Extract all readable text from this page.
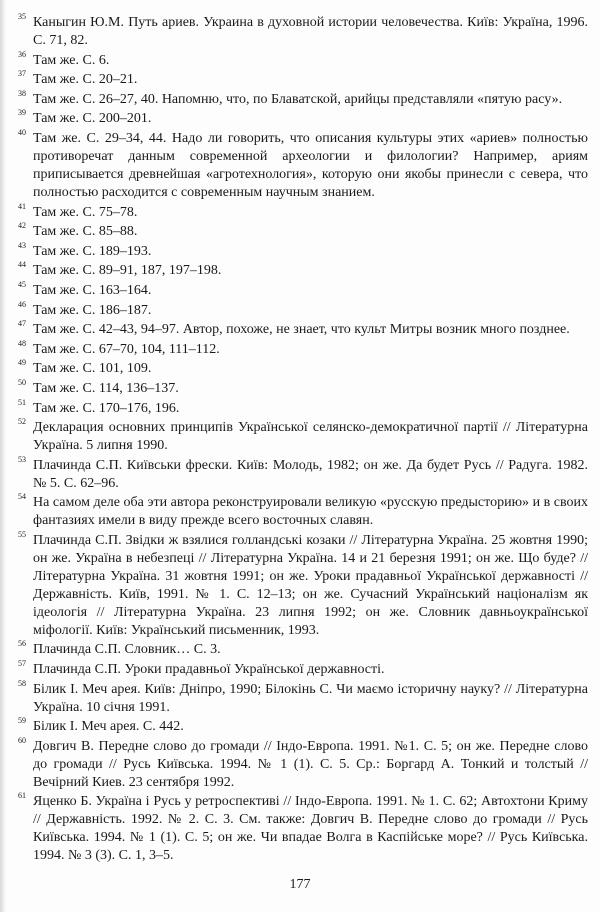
35 Каныгин Ю.М. Путь ариев. Украина в духовной истории человечества. Київ: Україна, 1996. С. 71, 82.
36 Там же. С. 6.
37 Там же. С. 20–21.
38 Там же. С. 26–27, 40. Напомню, что, по Блаватской, арийцы представляли «пятую расу».
39 Там же. С. 200–201.
40 Там же. С. 29–34, 44. Надо ли говорить, что описания культуры этих «ариев» полностью противоречат данным современной археологии и филологии? Например, ариям приписывается древнейшая «агротехнология», которую они якобы принесли с севера, что полностью расходится с современным научным знанием.
41 Там же. С. 75–78.
42 Там же. С. 85–88.
43 Там же. С. 189–193.
44 Там же. С. 89–91, 187, 197–198.
45 Там же. С. 163–164.
46 Там же. С. 186–187.
47 Там же. С. 42–43, 94–97. Автор, похоже, не знает, что культ Митры возник много позднее.
48 Там же. С. 67–70, 104, 111–112.
49 Там же. С. 101, 109.
50 Там же. С. 114, 136–137.
51 Там же. С. 170–176, 196.
52 Декларация основних принципів Української селянско-демократичної партії // Літературна Україна. 5 липня 1990.
53 Плачинда С.П. Київськи фрески. Київ: Молодь, 1982; он же. Да будет Русь // Радуга. 1982. № 5. С. 62–96.
54 На самом деле оба эти автора реконструировали великую «русскую предысторию» и в своих фантазиях имели в виду прежде всего восточных славян.
55 Плачинда С.П. Звідки ж взялися голландські козаки // Літературна Україна. 25 жовтня 1990; он же. Україна в небезпеці // Літературна Україна. 14 и 21 березня 1991; он же. Що буде? //Літературна Україна. 31 жовтня 1991; он же. Уроки прадавньої Української державності // Державність. Київ, 1991. № 1. С. 12–13; он же. Сучасний Український націоналізм як ідеологія // Літературна Україна. 23 липня 1992; он же. Словник давньоукраїнської міфології. Київ: Український письменник, 1993.
56 Плачинда С.П. Словник… С. 3.
57 Плачинда С.П. Уроки прадавньої Української державності.
58 Білик І. Меч арея. Київ: Дніпро, 1990; Білокінь С. Чи маємо історичну науку? // Літературна Україна. 10 січня 1991.
59 Білик І. Меч арея. С. 442.
60 Довгич В. Передне слово до громади // Індо-Европа. 1991. №1. С. 5; он же. Передне слово до громади // Русь Київська. 1994. № 1 (1). С. 5. Ср.: Боргард А. Тонкий и толстый // Вечірний Киев. 23 сентября 1992.
61 Яценко Б. Україна і Русь у ретроспективі // Індо-Европа. 1991. № 1. С. 62; Автохтони Криму // Державність. 1992. № 2. С. 3. См. также: Довгич В. Передне слово до громади // Русь Київська. 1994. № 1 (1). С. 5; он же. Чи впадае Волга в Каспійське море? // Русь Київська. 1994. № 3 (3). С. 1, 3–5.
177
